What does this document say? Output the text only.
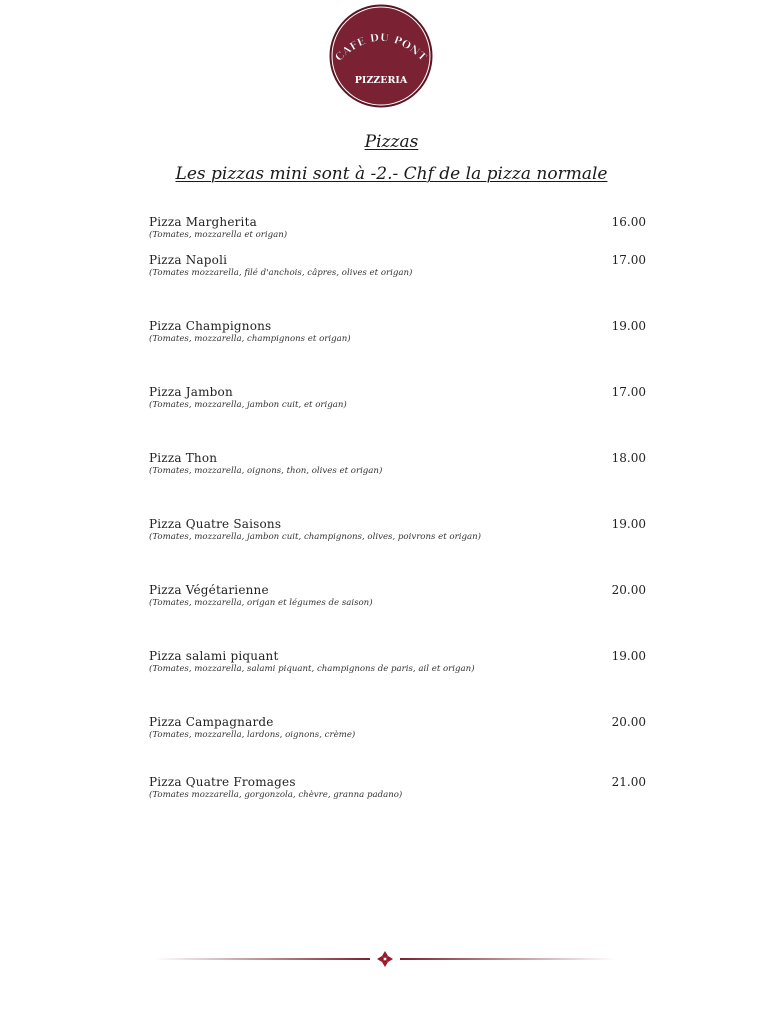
CAFE DU PONT
PIZZERIA
Pizzas
Les pizzas mini sont à -2.- Chf de la pizza normale
Pizza Margherita	16.00
(Tomates, mozzarella et origan)
Pizza Napoli	17.00
(Tomates mozzarella, filé d'anchois, câpres, olives et origan)
Pizza Champignons	19.00
(Tomates, mozzarella, champignons et origan)
Pizza Jambon	17.00
(Tomates, mozzarella, jambon cuit, et origan)
Pizza Thon	18.00
(Tomates, mozzarella, oignons, thon, olives et origan)
Pizza Quatre Saisons	19.00
(Tomates, mozzarella, jambon cuit, champignons, olives, poivrons et origan)
Pizza Végétarienne	20.00
(Tomates, mozzarella, origan et légumes de saison)
Pizza salami piquant	19.00
(Tomates, mozzarella, salami piquant, champignons de paris, ail et origan)
Pizza Campagnarde	20.00
(Tomates, mozzarella, lardons, oignons, crème)
Pizza Quatre Fromages	21.00
(Tomates mozzarella, gorgonzola, chèvre, granna padano)
